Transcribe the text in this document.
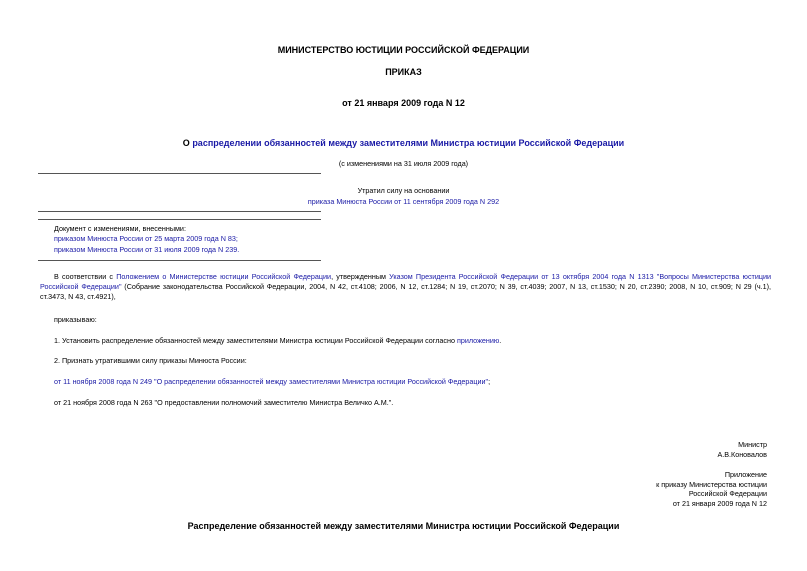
МИНИСТЕРСТВО ЮСТИЦИИ РОССИЙСКОЙ ФЕДЕРАЦИИ
ПРИКАЗ
от 21 января 2009 года N 12
О распределении обязанностей между заместителями Министра юстиции Российской Федерации
(с изменениями на 31 июля 2009 года)
Утратил силу на основании
приказа Минюста России от 11 сентября 2009 года N 292
Документ с изменениями, внесенными:
приказом Минюста России от 25 марта 2009 года N 83;
приказом Минюста России от 31 июля 2009 года N 239.
В соответствии с Положением о Министерстве юстиции Российской Федерации, утвержденным Указом Президента Российской Федерации от 13 октября 2004 года N 1313 "Вопросы Министерства юстиции Российской Федерации" (Собрание законодательства Российской Федерации, 2004, N 42, ст.4108; 2006, N 12, ст.1284; N 19, ст.2070; N 39, ст.4039; 2007, N 13, ст.1530; N 20, ст.2390; 2008, N 10, ст.909; N 29 (ч.1), ст.3473, N 43, ст.4921),
приказываю:
1. Установить распределение обязанностей между заместителями Министра юстиции Российской Федерации согласно приложению.
2. Признать утратившими силу приказы Минюста России:
от 11 ноября 2008 года N 249 "О распределении обязанностей между заместителями Министра юстиции Российской Федерации";
от 21 ноября 2008 года N 263 "О предоставлении полномочий заместителю Министра Величко А.М.".
Министр
А.В.Коновалов
Приложение
к приказу Министерства юстиции
Российской Федерации
от 21 января 2009 года N 12
Распределение обязанностей между заместителями Министра юстиции Российской Федерации
